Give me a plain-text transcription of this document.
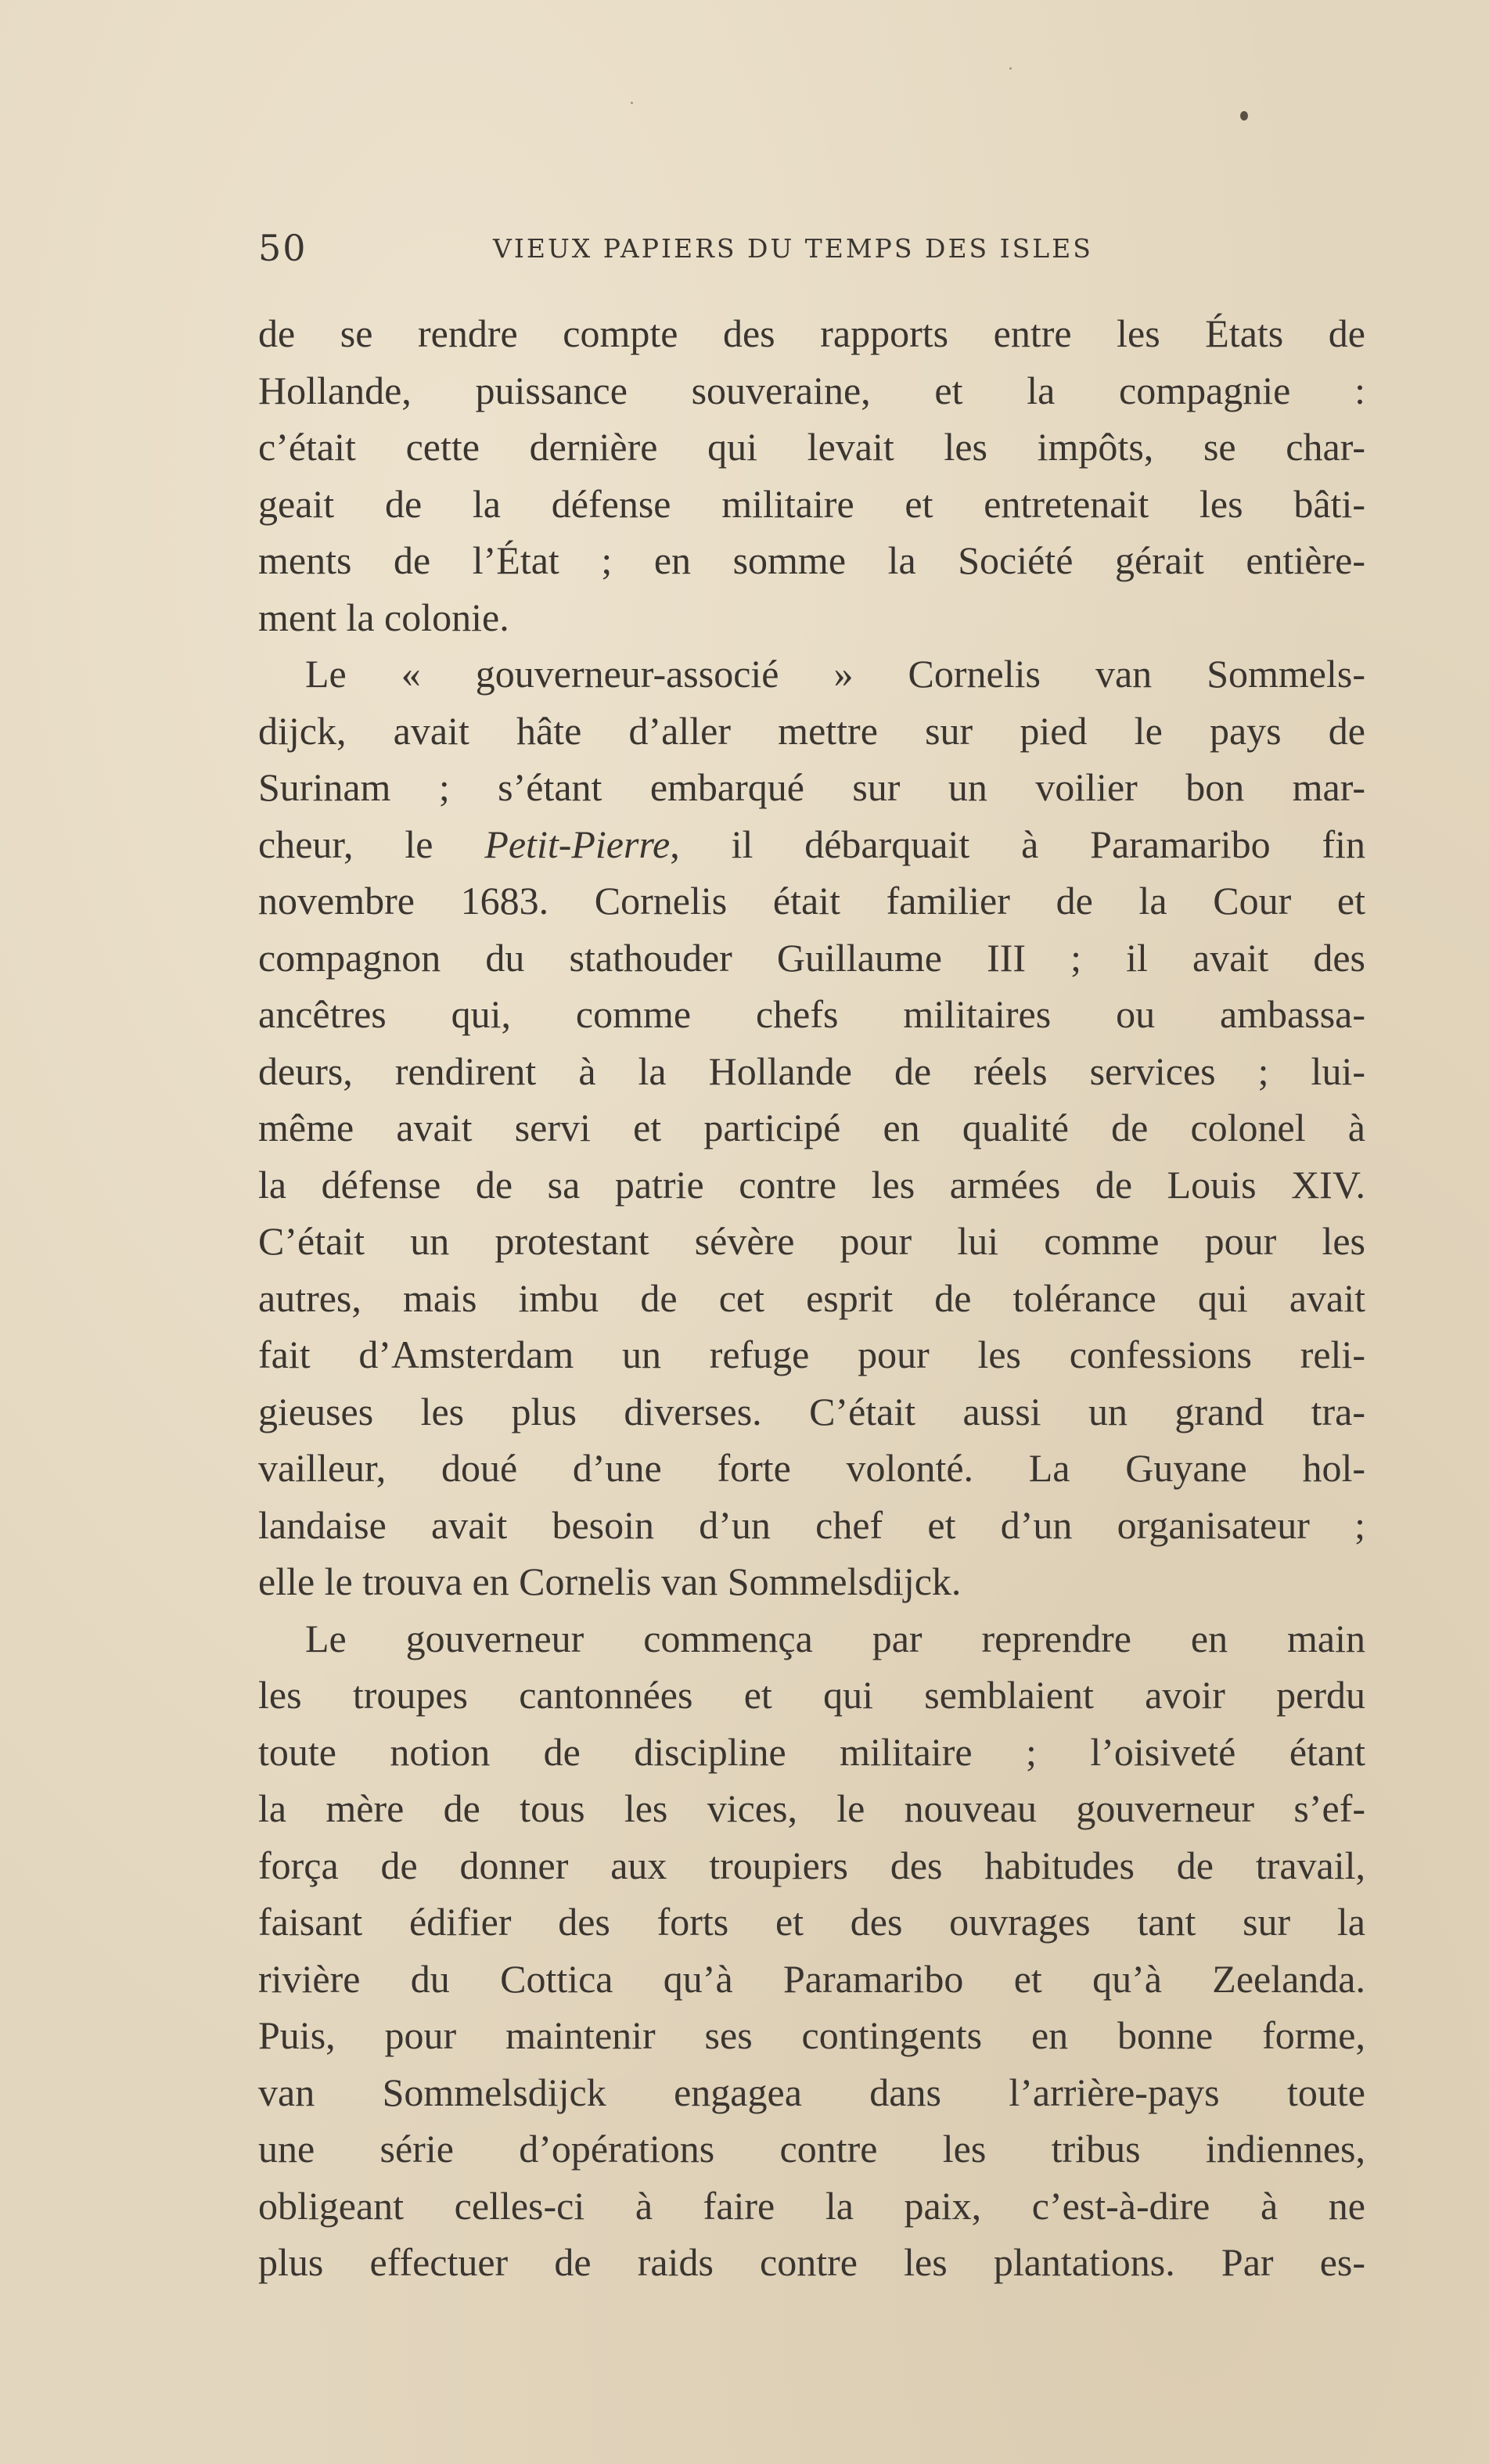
50	VIEUX PAPIERS DU TEMPS DES ISLES
de se rendre compte des rapports entre les États de
Hollande, puissance souveraine, et la compagnie :
c’était cette dernière qui levait les impôts, se char-
geait de la défense militaire et entretenait les bâti-
ments de l’État ; en somme la Société gérait entière-
ment la colonie.
Le « gouverneur-associé » Cornelis van Sommels-
dijck, avait hâte d’aller mettre sur pied le pays de
Surinam ; s’étant embarqué sur un voilier bon mar-
cheur, le Petit-Pierre, il débarquait à Paramaribo fin
novembre 1683. Cornelis était familier de la Cour et
compagnon du stathouder Guillaume III ; il avait des
ancêtres qui, comme chefs militaires ou ambassa-
deurs, rendirent à la Hollande de réels services ; lui-
même avait servi et participé en qualité de colonel à
la défense de sa patrie contre les armées de Louis XIV.
C’était un protestant sévère pour lui comme pour les
autres, mais imbu de cet esprit de tolérance qui avait
fait d’Amsterdam un refuge pour les confessions reli-
gieuses les plus diverses. C’était aussi un grand tra-
vailleur, doué d’une forte volonté. La Guyane hol-
landaise avait besoin d’un chef et d’un organisateur ;
elle le trouva en Cornelis van Sommelsdijck.
Le gouverneur commença par reprendre en main
les troupes cantonnées et qui semblaient avoir perdu
toute notion de discipline militaire ; l’oisiveté étant
la mère de tous les vices, le nouveau gouverneur s’ef-
força de donner aux troupiers des habitudes de travail,
faisant édifier des forts et des ouvrages tant sur la
rivière du Cottica qu’à Paramaribo et qu’à Zeelanda.
Puis, pour maintenir ses contingents en bonne forme,
van Sommelsdijck engagea dans l’arrière-pays toute
une série d’opérations contre les tribus indiennes,
obligeant celles-ci à faire la paix, c’est-à-dire à ne
plus effectuer de raids contre les plantations. Par es-
